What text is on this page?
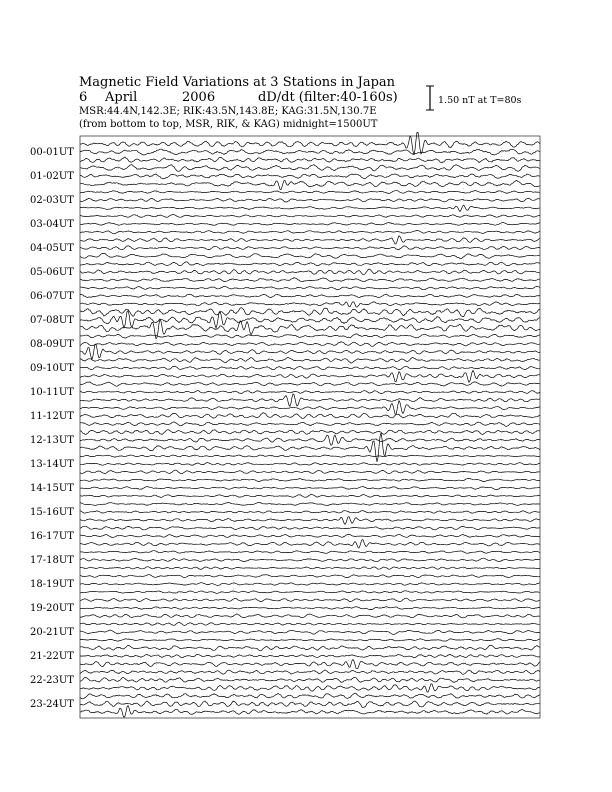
Magnetic Field Variations at 3 Stations in Japan
6 April	2006	dD/dt (filter:40-160s)
MSR:44.4N,142.3E; RIK:43.5N,143.8E; KAG:31.5N,130.7E
(from bottom to top, MSR, RIK, & KAG) midnight=1500UT
1.50 nT at T=80s
00-01UT
01-02UT
02-03UT
03-04UT
04-05UT
05-06UT
06-07UT
07-08UT
08-09UT
09-10UT
10-11UT
11-12UT
12-13UT
13-14UT
14-15UT
15-16UT
16-17UT
17-18UT
18-19UT
19-20UT
20-21UT
21-22UT
22-23UT
23-24UT
